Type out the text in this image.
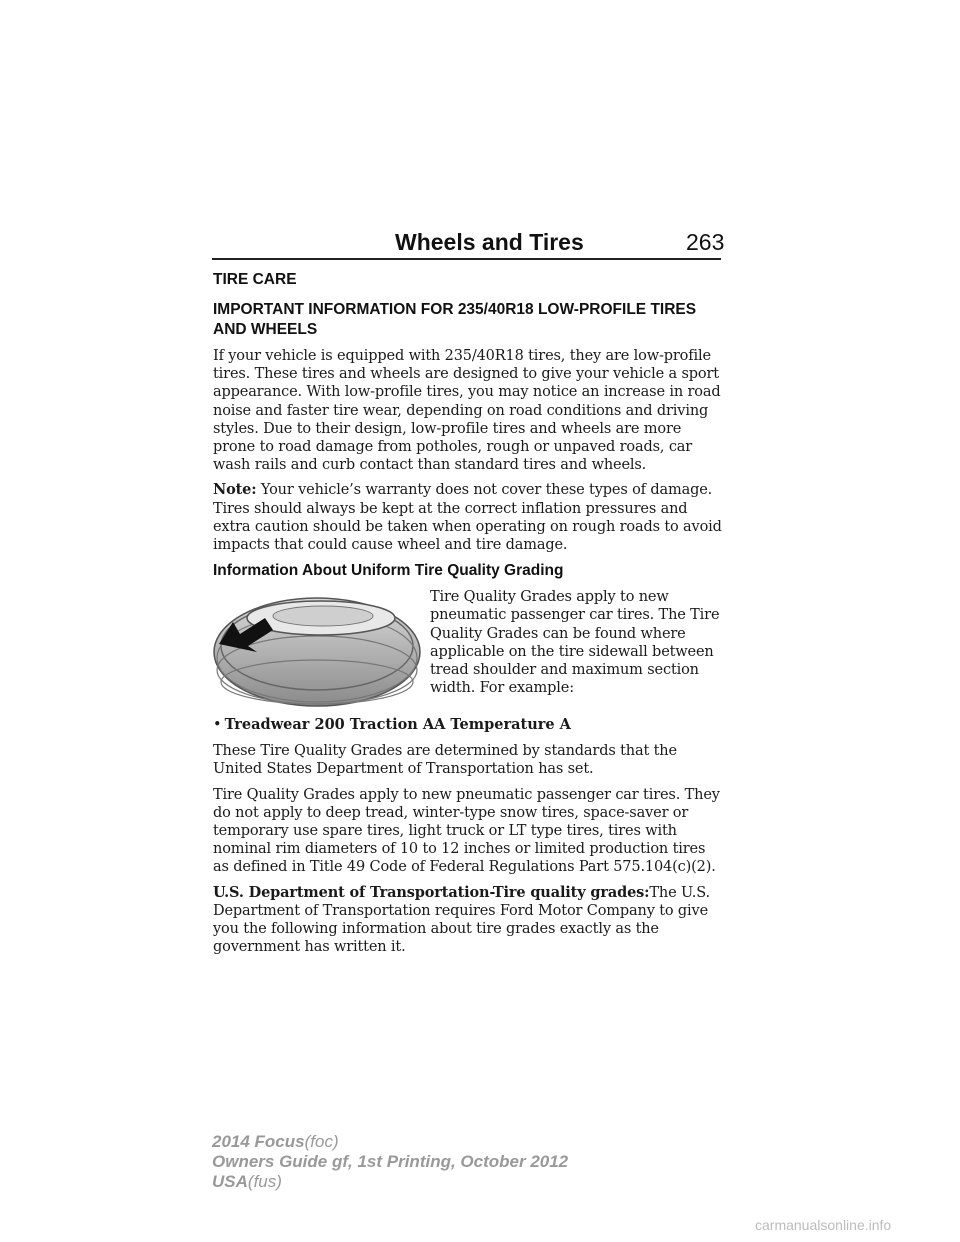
Wheels and Tires	263
TIRE CARE
IMPORTANT INFORMATION FOR 235/40R18 LOW-PROFILE TIRES AND WHEELS

If your vehicle is equipped with 235/40R18 tires, they are low-profile tires. These tires and wheels are designed to give your vehicle a sport appearance. With low-profile tires, you may notice an increase in road noise and faster tire wear, depending on road conditions and driving styles. Due to their design, low-profile tires and wheels are more prone to road damage from potholes, rough or unpaved roads, car wash rails and curb contact than standard tires and wheels.

Note: Your vehicle’s warranty does not cover these types of damage. Tires should always be kept at the correct inflation pressures and extra caution should be taken when operating on rough roads to avoid impacts that could cause wheel and tire damage.

Information About Uniform Tire Quality Grading
Tire Quality Grades apply to new pneumatic passenger car tires. The Tire Quality Grades can be found where applicable on the tire sidewall between tread shoulder and maximum section width. For example:
• Treadwear 200 Traction AA Temperature A

These Tire Quality Grades are determined by standards that the United States Department of Transportation has set.

Tire Quality Grades apply to new pneumatic passenger car tires. They do not apply to deep tread, winter-type snow tires, space-saver or temporary use spare tires, light truck or LT type tires, tires with nominal rim diameters of 10 to 12 inches or limited production tires as defined in Title 49 Code of Federal Regulations Part 575.104(c)(2).

U.S. Department of Transportation-Tire quality grades:The U.S. Department of Transportation requires Ford Motor Company to give you the following information about tire grades exactly as the government has written it.

2014 Focus(foc)
Owners Guide gf, 1st Printing, October 2012
USA(fus)
carmanualsonline.info
